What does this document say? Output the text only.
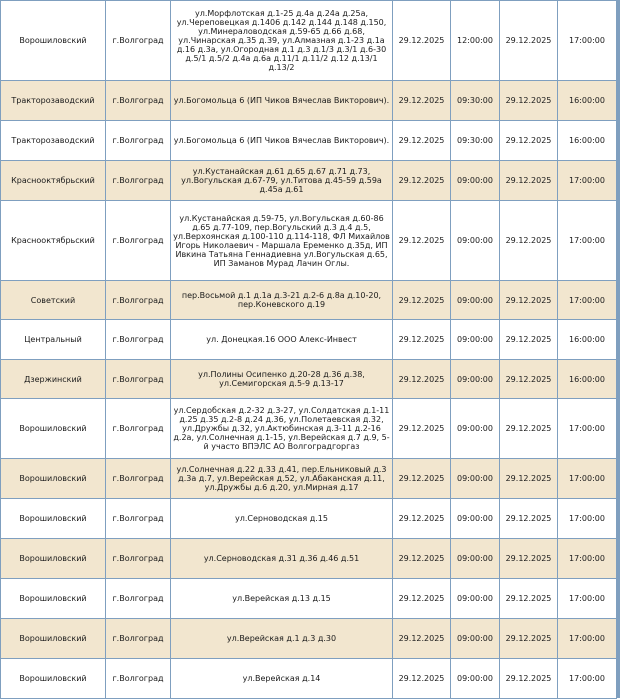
Ворошиловский	г.Волгоград	ул.Морфлотская д.1-25 д.4а д.24а д.25а, ул.Череповецкая д.1406 д.142 д.144 д.148 д.150, ул.Минераловодская д.59-65 д.66 д.68, ул.Чинарская д.35 д.39, ул.Алмазная д.1-23 д.1а д.16 д.3а, ул.Огородная д.1 д.3 д.1/3 д.3/1 д.6-30 д.5/1 д.5/2 д.4а д.6а д.11/1 д.11/2 д.12 д.13/1 д.13/2	29.12.2025	12:00:00	29.12.2025	17:00:00
Тракторозаводский	г.Волгоград	ул.Богомольца 6 (ИП Чиков Вячеслав Викторович).	29.12.2025	09:30:00	29.12.2025	16:00:00
Тракторозаводский	г.Волгоград	ул.Богомольца 6 (ИП Чиков Вячеслав Викторович).	29.12.2025	09:30:00	29.12.2025	16:00:00
Краснооктябрьский	г.Волгоград	ул.Кустанайская д.61 д.65 д.67 д.71 д.73, ул.Вогульская д.67-79, ул.Титова д.45-59 д.59а д.45а д.61	29.12.2025	09:00:00	29.12.2025	17:00:00
Краснооктябрьский	г.Волгоград	ул.Кустанайская д.59-75, ул.Вогульская д.60-86 д.65 д.77-109, пер.Вогульский д.3 д.4 д.5, ул.Верхоянская д.100-110 д.114-118, ФЛ Михайлов Игорь Николаевич - Маршала Еременко д.35д, ИП Ивкина Татьяна Геннадиевна ул.Вогульская д.65, ИП Заманов Мурад Лачин Оглы.	29.12.2025	09:00:00	29.12.2025	17:00:00
Советский	г.Волгоград	пер.Восьмой д.1 д.1а д.3-21 д.2-6 д.8а д.10-20, пер.Коневского д.19	29.12.2025	09:00:00	29.12.2025	17:00:00
Центральный	г.Волгоград	ул. Донецкая.16 ООО Алекс-Инвест	29.12.2025	09:00:00	29.12.2025	16:00:00
Дзержинский	г.Волгоград	ул.Полины Осипенко д.20-28 д.36 д.38, ул.Семигорская д.5-9 д.13-17	29.12.2025	09:00:00	29.12.2025	16:00:00
Ворошиловский	г.Волгоград	ул.Сердобская д.2-32 д.3-27, ул.Солдатская д.1-11 д.25 д.35 д.2-8 д.24 д.36, ул.Полетаевская д.32, ул.Дружбы д.32, ул.Актюбинская д.3-11 д.2-16 д.2а, ул.Солнечная д.1-15, ул.Верейская д.7 д.9, 5-й участо ВПЭЛС АО Волгоградгоргаз	29.12.2025	09:00:00	29.12.2025	17:00:00
Ворошиловский	г.Волгоград	ул.Солнечная д.22 д.33 д.41, пер.Ельниковый д.3 д.3а д.7, ул.Верейская д.52, ул.Абаканская д.11, ул.Дружбы д.6 д.20, ул.Мирная д.17	29.12.2025	09:00:00	29.12.2025	17:00:00
Ворошиловский	г.Волгоград	ул.Серноводская д.15	29.12.2025	09:00:00	29.12.2025	17:00:00
Ворошиловский	г.Волгоград	ул.Серноводская д.31 д.36 д.46 д.51	29.12.2025	09:00:00	29.12.2025	17:00:00
Ворошиловский	г.Волгоград	ул.Верейская д.13 д.15	29.12.2025	09:00:00	29.12.2025	17:00:00
Ворошиловский	г.Волгоград	ул.Верейская д.1 д.3 д.30	29.12.2025	09:00:00	29.12.2025	17:00:00
Ворошиловский	г.Волгоград	ул.Верейская д.14	29.12.2025	09:00:00	29.12.2025	17:00:00
